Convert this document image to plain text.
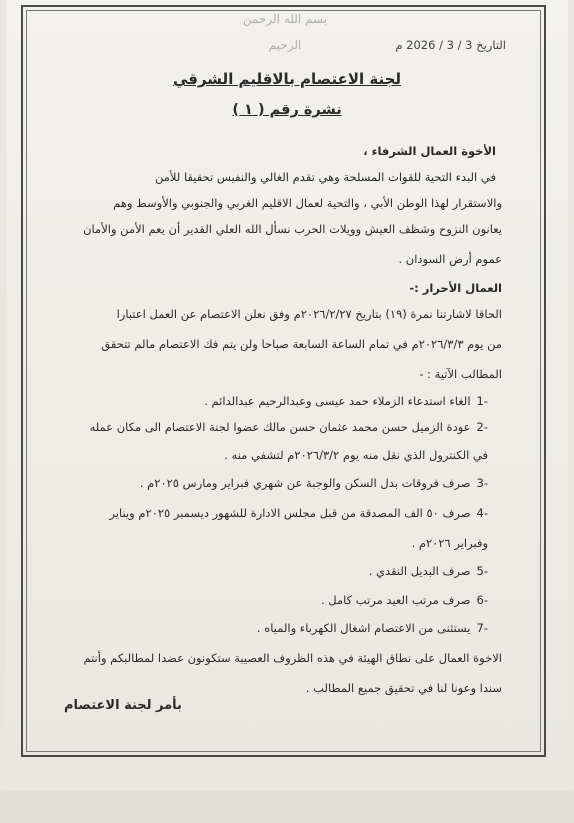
بسم الله الرحمن الرحيم	التاريخ 3 / 3 / 2026 م
لجنة الاعتصام بالاقليم الشرقي
نشرة رقم ( ١ )
الأخوة العمال الشرفاء ،
في البدء التحية للقوات المسلحة وهي تقدم الغالي والنفيس تحقيقا للأمن
والاستقرار لهذا الوطن الأبي ، والتحية لعمال الاقليم الغربي والجنوبي والأوسط وهم
يعانون النزوح وشظف العيش وويلات الحرب نسأل الله العلي القدير أن يعم الأمن والأمان
عموم أرض السودان .
العمال الأحرار :-
الحاقا لاشارتنا نمرة (١٩) بتاريخ ٢٠٢٦/٢/٢٧م وفق نعلن الاعتصام عن العمل اعتبارا
من يوم ٢٠٢٦/٣/٣م في تمام الساعة السابعة صباحا ولن يتم فك الاعتصام مالم تتحقق
المطالب الآتية : -
-1الغاء استدعاء الزملاء حمد عيسى وعبدالرحيم عبدالدائم .
-2عودة الزميل حسن محمد عثمان حسن مالك عضوا لجنة الاعتصام الى مكان عمله
في الكنترول الذي نقل منه يوم ٢٠٢٦/٣/٢م لتشفي منه .
-3صرف فروقات بدل السكن والوجبة عن شهري فبراير ومارس ٢٠٢٥م .
-4صرف ٥٠ الف المصدقة من قبل مجلس الادارة للشهور ديسمبر ٢٠٢٥م ويناير
وفبراير ٢٠٢٦م .
-5صرف البديل النقدي .
-6صرف مرتب العيد مرتب كامل .
-7يستثنى من الاعتصام اشغال الكهرباء والمياه .
الاخوة العمال على نطاق الهيئة في هذه الظروف العصيبة ستكونون عضدا لمطالبكم وأنتم
سندا وعونا لنا في تحقيق جميع المطالب .
بأمر لجنة الاعتصام
